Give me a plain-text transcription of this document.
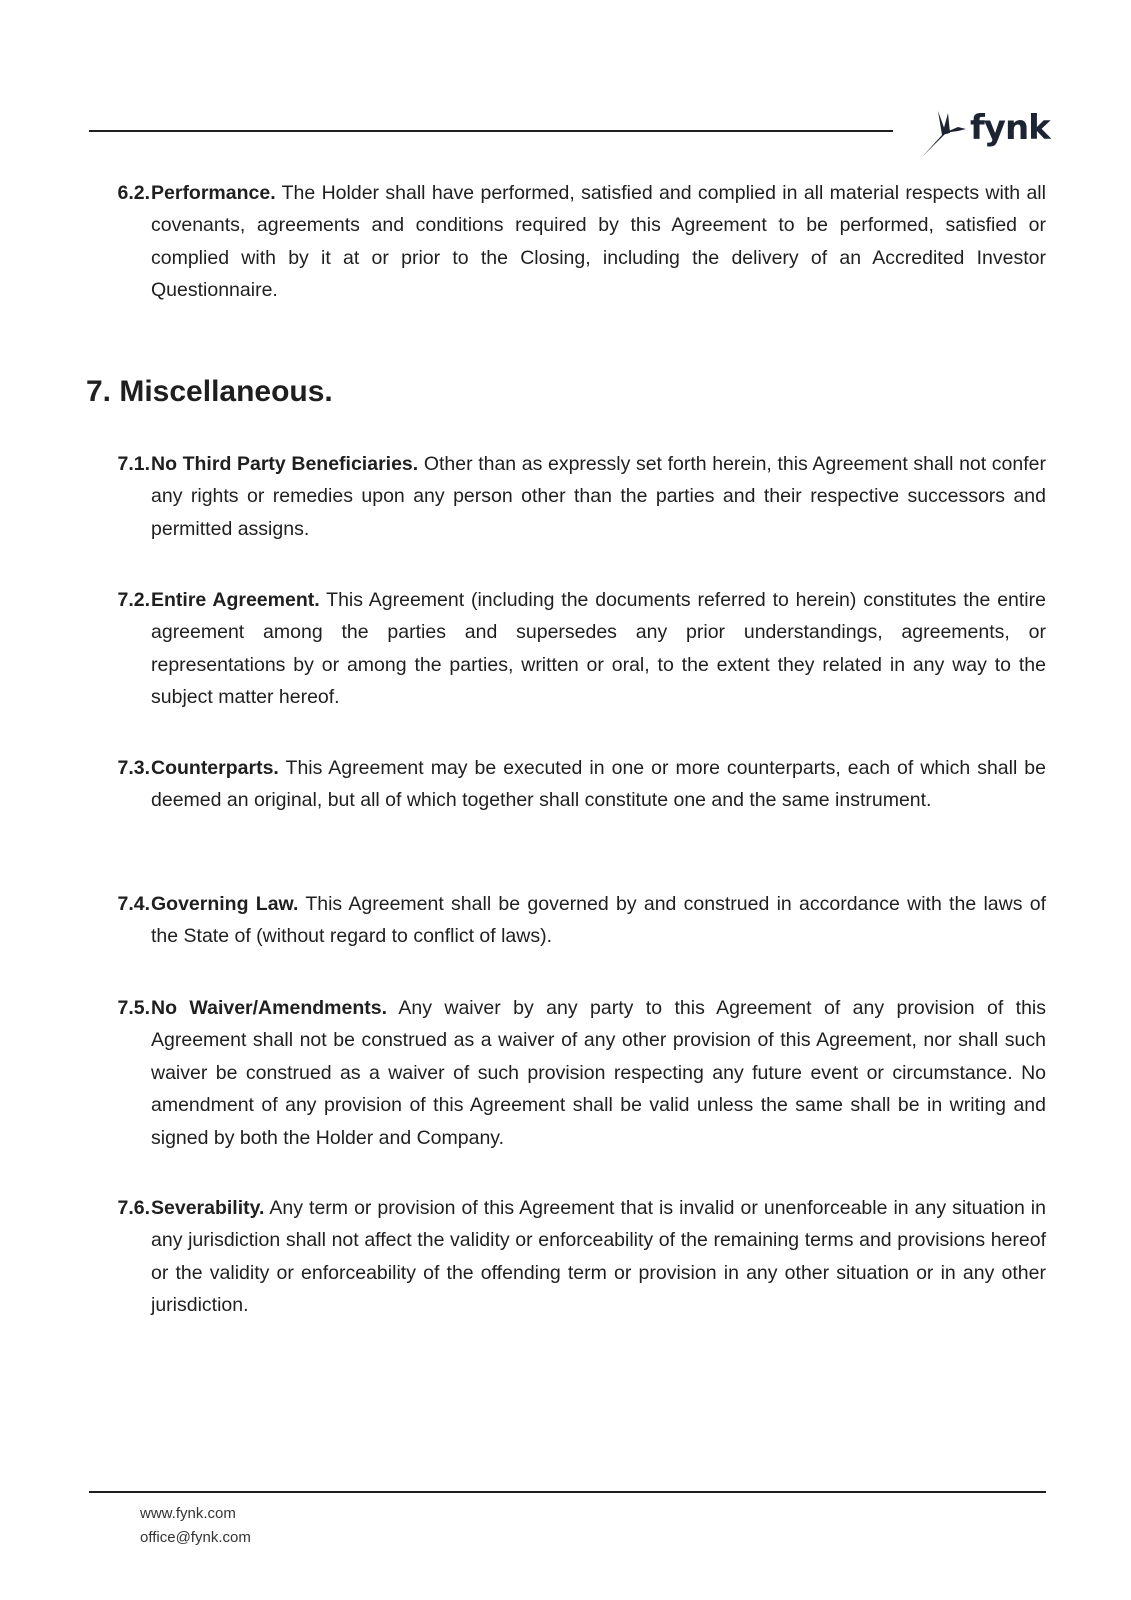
fynk
6.2. Performance. The Holder shall have performed, satisfied and complied in all material respects with all covenants, agreements and conditions required by this Agreement to be performed, satisfied or complied with by it at or prior to the Closing, including the delivery of an Accredited Investor Questionnaire.
7. Miscellaneous.
7.1. No Third Party Beneficiaries. Other than as expressly set forth herein, this Agreement shall not confer any rights or remedies upon any person other than the parties and their respective successors and permitted assigns.
7.2. Entire Agreement. This Agreement (including the documents referred to herein) constitutes the entire agreement among the parties and supersedes any prior understandings, agreements, or representations by or among the parties, written or oral, to the extent they related in any way to the subject matter hereof.
7.3. Counterparts. This Agreement may be executed in one or more counterparts, each of which shall be deemed an original, but all of which together shall constitute one and the same instrument.
7.4. Governing Law. This Agreement shall be governed by and construed in accordance with the laws of the State of (without regard to conflict of laws).
7.5. No Waiver/Amendments. Any waiver by any party to this Agreement of any provision of this Agreement shall not be construed as a waiver of any other provision of this Agreement, nor shall such waiver be construed as a waiver of such provision respecting any future event or circumstance. No amendment of any provision of this Agreement shall be valid unless the same shall be in writing and signed by both the Holder and Company.
7.6. Severability. Any term or provision of this Agreement that is invalid or unenforceable in any situation in any jurisdiction shall not affect the validity or enforceability of the remaining terms and provisions hereof or the validity or enforceability of the offending term or provision in any other situation or in any other jurisdiction.
www.fynk.com
office@fynk.com
